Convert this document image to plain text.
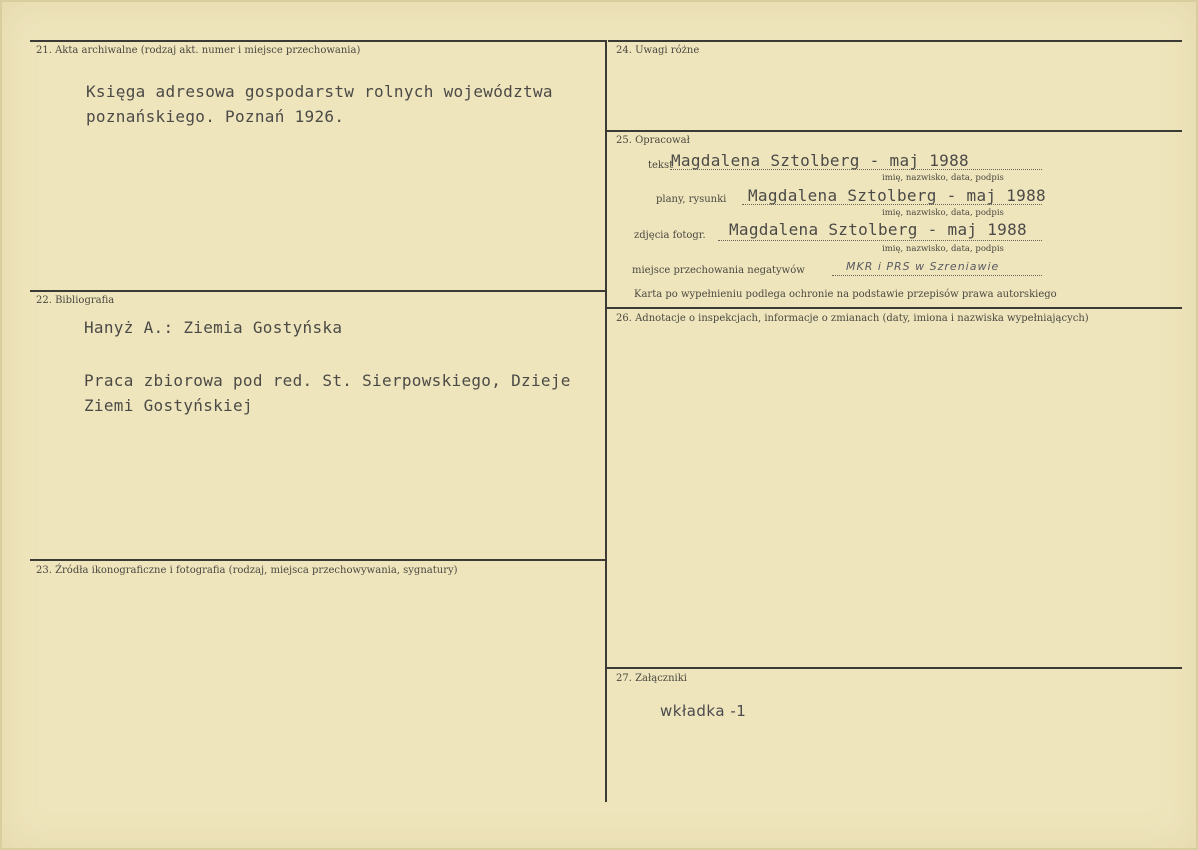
21. Akta archiwalne (rodzaj akt. numer i miejsce przechowania)
Księga adresowa gospodarstw rolnych województwa
poznańskiego. Poznań 1926.
22. Bibliografia
Hanyż A.: Ziemia Gostyńska
Praca zbiorowa pod red. St. Sierpowskiego, Dzieje
Ziemi Gostyńskiej
23. Źródła ikonograficzne i fotografia (rodzaj, miejsca przechowywania, sygnatury)
24. Uwagi różne
25. Opracował
tekst
Magdalena Sztolberg - maj 1988
imię, nazwisko, data, podpis
plany, rysunki Magdalena Sztolberg - maj 1988
imię, nazwisko, data, podpis
zdjęcia fotogr. Magdalena Sztolberg - maj 1988
imię, nazwisko, data, podpis
miejsce przechowania negatywów	MKR i PRS w Szreniawie
Karta po wypełnieniu podlega ochronie na podstawie przepisów prawa autorskiego
26. Adnotacje o inspekcjach, informacje o zmianach (daty, imiona i nazwiska wypełniających)
27. Załączniki
wkładka -1
